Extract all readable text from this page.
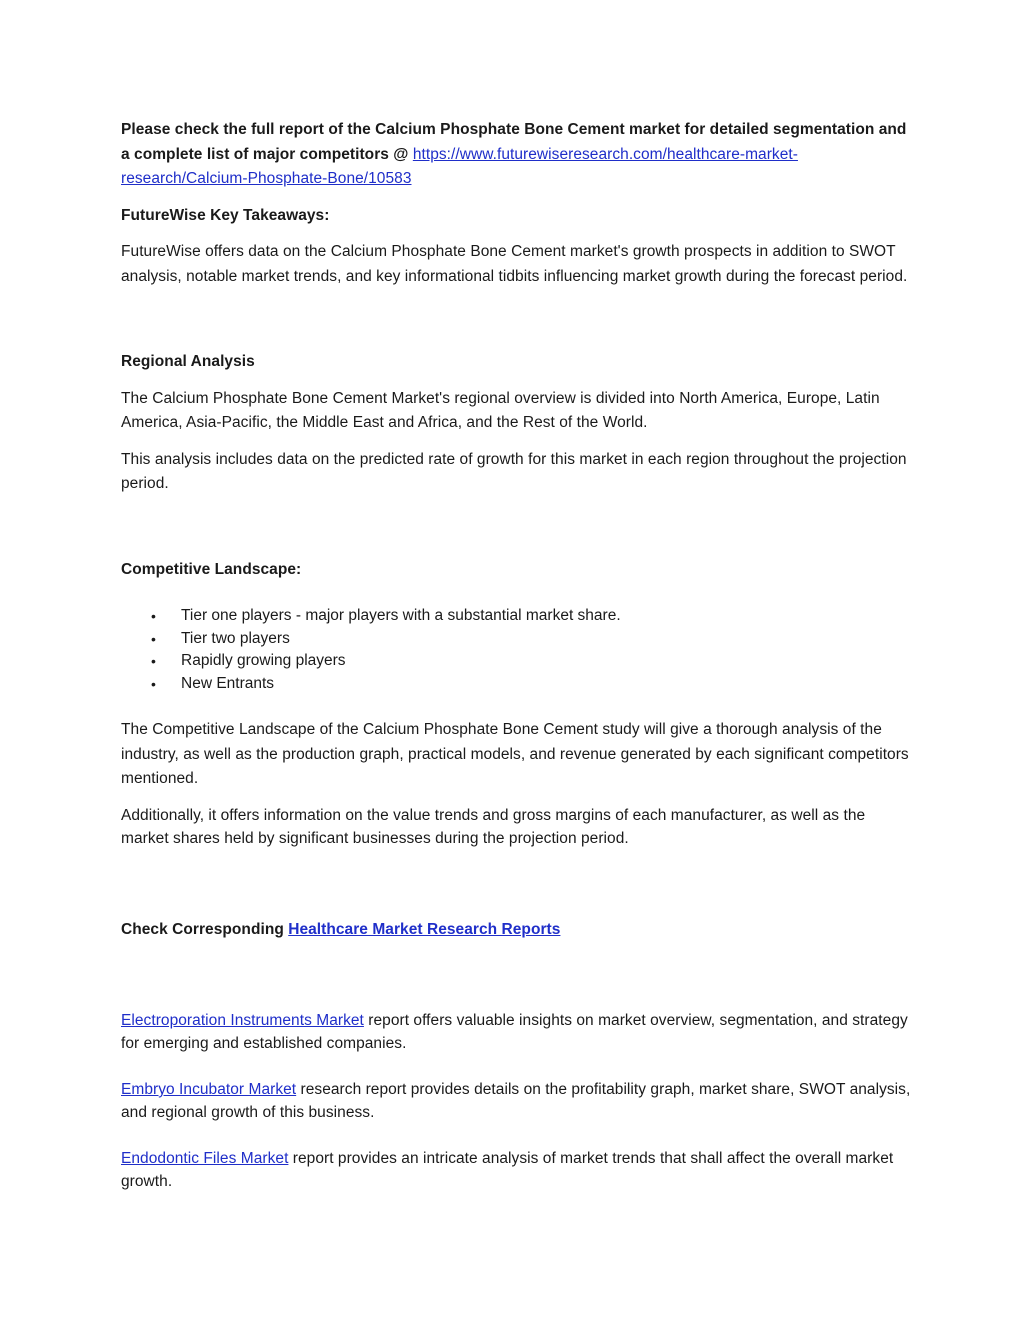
Please check the full report of the Calcium Phosphate Bone Cement market for detailed segmentation and a complete list of major competitors @ https://www.futurewiseresearch.com/healthcare-market-
research/Calcium-Phosphate-Bone/10583

FutureWise Key Takeaways:

FutureWise offers data on the Calcium Phosphate Bone Cement market's growth prospects in addition to SWOT analysis, notable market trends, and key informational tidbits influencing market growth during the forecast period.

Regional Analysis

The Calcium Phosphate Bone Cement Market's regional overview is divided into North America, Europe, Latin America, Asia-Pacific, the Middle East and Africa, and the Rest of the World.

This analysis includes data on the predicted rate of growth for this market in each region throughout the projection period.

Competitive Landscape:

• Tier one players - major players with a substantial market share.
• Tier two players
• Rapidly growing players
• New Entrants

The Competitive Landscape of the Calcium Phosphate Bone Cement study will give a thorough analysis of the industry, as well as the production graph, practical models, and revenue generated by each significant competitors mentioned.

Additionally, it offers information on the value trends and gross margins of each manufacturer, as well as the market shares held by significant businesses during the projection period.

Check Corresponding Healthcare Market Research Reports

Electroporation Instruments Market report offers valuable insights on market overview, segmentation, and strategy for emerging and established companies.

Embryo Incubator Market research report provides details on the profitability graph, market share, SWOT analysis, and regional growth of this business.

Endodontic Files Market report provides an intricate analysis of market trends that shall affect the overall market growth.
